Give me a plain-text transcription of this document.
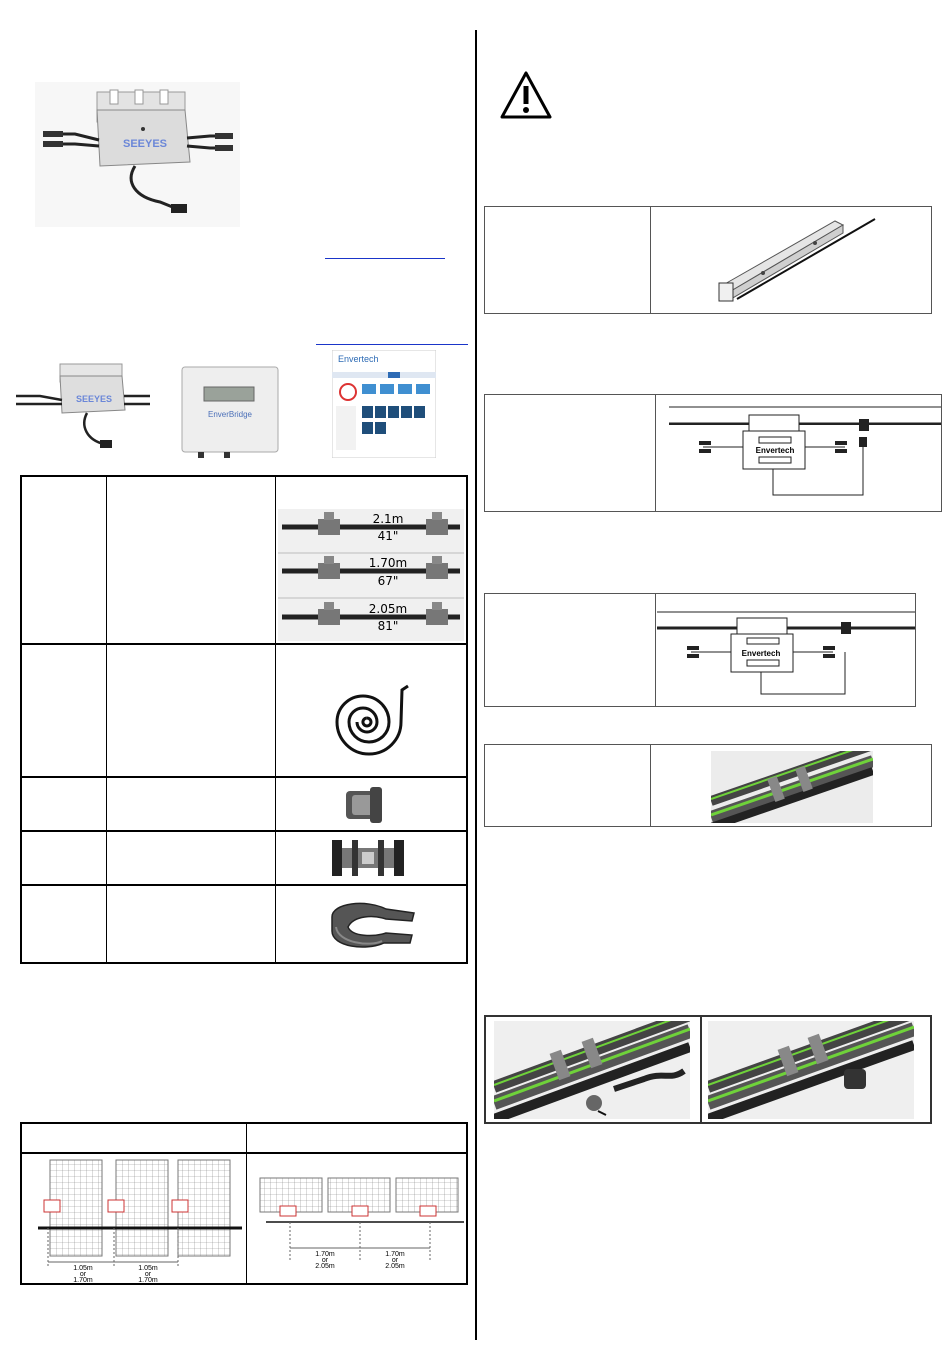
SEEYES
SEEYES
EnverBridge
Envertech
2.1m
41"
1.70m
67"
2.05m
81"
1.05m
or
1.70m
1.05m
or
1.70m
1.70m
or
2.05m
1.70m
or
2.05m
Envertech
Envertech
